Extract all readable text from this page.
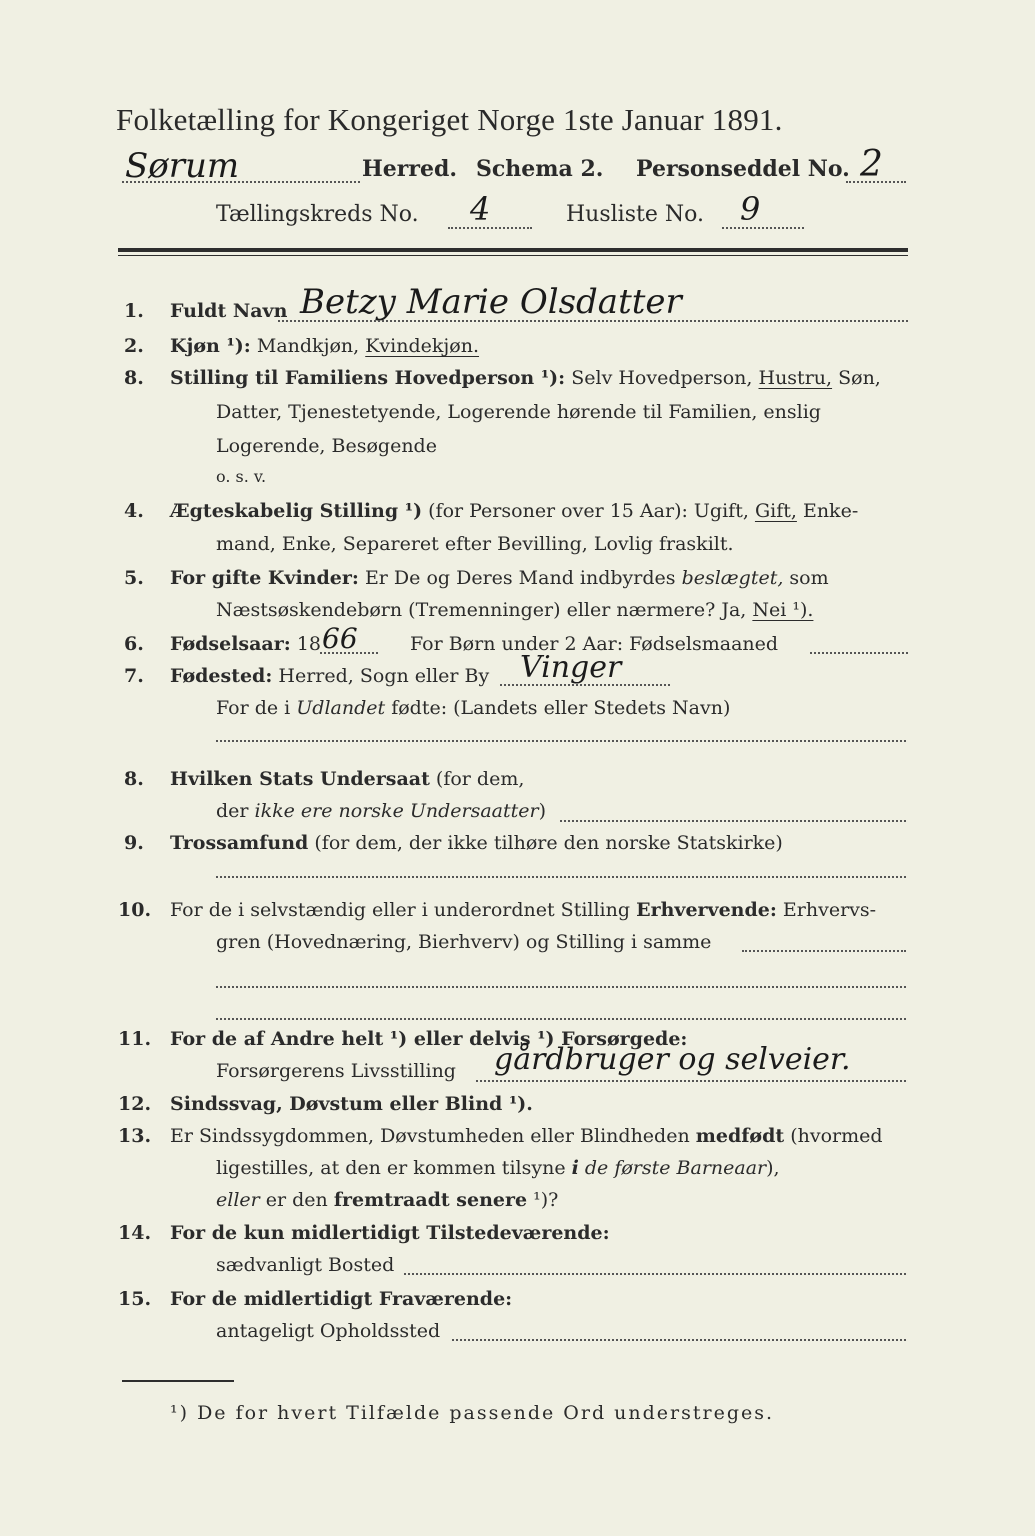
Folketælling for Kongeriget Norge 1ste Januar 1891.
Sørum	Herred. Schema 2. Personseddel No. 2
Tællingskreds No. 4	Husliste No. 9
1. Fuldt Navn Betzy Marie Olsdatter
2. Kjøn ¹): Mandkjøn, Kvindekjøn.
8. Stilling til Familiens Hovedperson ¹): Selv Hovedperson, Hustru, Søn,
Datter, Tjenestetyende, Logerende hørende til Familien, enslig
Logerende, Besøgende
o. s. v.
4. Ægteskabelig Stilling ¹) (for Personer over 15 Aar): Ugift, Gift, Enke-
mand, Enke, Separeret efter Bevilling, Lovlig fraskilt.
5. For gifte Kvinder: Er De og Deres Mand indbyrdes beslægtet, som
Næstsøskendebørn (Tremenninger) eller nærmere? Ja, Nei ¹).
6. Fødselsaar: 18 66	For Børn under 2 Aar: Fødselsmaaned
7. Fødested: Herred, Sogn eller By Vinger
For de i Udlandet fødte: (Landets eller Stedets Navn)
8. Hvilken Stats Undersaat (for dem,
der ikke ere norske Undersaatter)
9. Trossamfund (for dem, der ikke tilhøre den norske Statskirke)
10. For de i selvstændig eller i underordnet Stilling Erhvervende: Erhvervs-
gren (Hovednæring, Bierhverv) og Stilling i samme
11. For de af Andre helt ¹) eller delvis ¹) Forsørgede:
Forsørgerens Livsstilling gårdbruger og selveier.
12. Sindssvag, Døvstum eller Blind ¹).
13. Er Sindssygdommen, Døvstumheden eller Blindheden medfødt (hvormed
ligestilles, at den er kommen tilsyne i de første Barneaar),
eller er den fremtraadt senere ¹)?
14. For de kun midlertidigt Tilstedeværende:
sædvanligt Bosted
15. For de midlertidigt Fraværende:
antageligt Opholdssted
¹) De for hvert Tilfælde passende Ord understreges.
